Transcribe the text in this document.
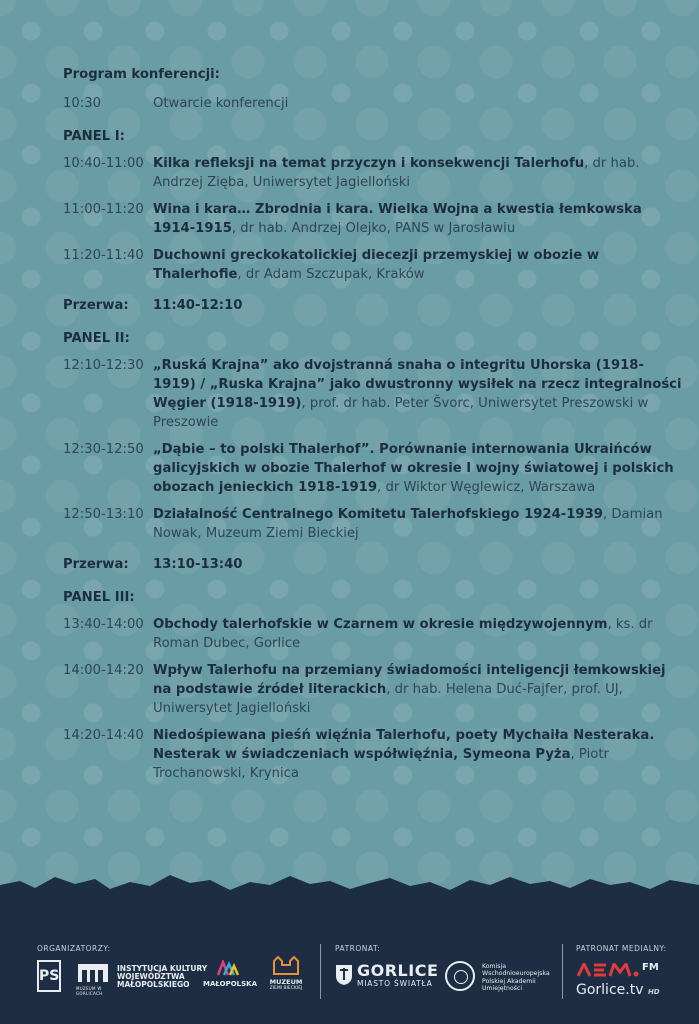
Program konferencji:
10:30	Otwarcie konferencji
PANEL I:
10:40-11:00 Kilka refleksji na temat przyczyn i konsekwencji Talerhofu, dr hab. Andrzej Zięba, Uniwersytet Jagielloński
11:00-11:20 Wina i kara… Zbrodnia i kara. Wielka Wojna a kwestia łemkowska 1914-1915, dr hab. Andrzej Olejko, PANS w Jarosławiu
11:20-11:40 Duchowni greckokatolickiej diecezji przemyskiej w obozie w Thalerhofie, dr Adam Szczupak, Kraków
Przerwa:	11:40-12:10
PANEL II:
12:10-12:30 „Ruská Krajna” ako dvojstranná snaha o integritu Uhorska (1918-1919) / „Ruska Krajna” jako dwustronny wysiłek na rzecz integralności Węgier (1918-1919), prof. dr hab. Peter Švorc, Uniwersytet Preszowski w Preszowie
12:30-12:50 „Dąbie – to polski Thalerhof”. Porównanie internowania Ukraińców galicyjskich w obozie Thalerhof w okresie I wojny światowej i polskich obozach jenieckich 1918-1919, dr Wiktor Węglewicz, Warszawa
12:50-13:10 Działalność Centralnego Komitetu Talerhofskiego 1924-1939, Damian Nowak, Muzeum Ziemi Bieckiej
Przerwa:	13:10-13:40
PANEL III:
13:40-14:00 Obchody talerhofskie w Czarnem w okresie międzywojennym, ks. dr Roman Dubec, Gorlice
14:00-14:20 Wpływ Talerhofu na przemiany świadomości inteligencji łemkowskiej na podstawie źródeł literackich, dr hab. Helena Duć-Fajfer, prof. UJ, Uniwersytet Jagielloński
14:20-14:40 Niedośpiewana pieśń więźnia Talerhofu, poety Mychaiła Nesteraka. Nesterak w świadczeniach współwięźnia, Symeona Pyża, Piotr Trochanowski, Krynica
ORGANIZATORZY:	PATRONAT:	PATRONAT MEDIALNY:
PS
MUZEUM W GORLICACH
INSTYTUCJA KULTURY
WOJEWÓDZTWA
MAŁOPOLSKIEGO	MAŁOPOLSKA	MUZEUM
ZIEMI BIECKIEJ
GORLICE
MIASTO ŚWIATŁA
Komisja
Wschodnioeuropejska
Polskiej Akademii
Umiejętności
FM
Gorlice.tv HD
